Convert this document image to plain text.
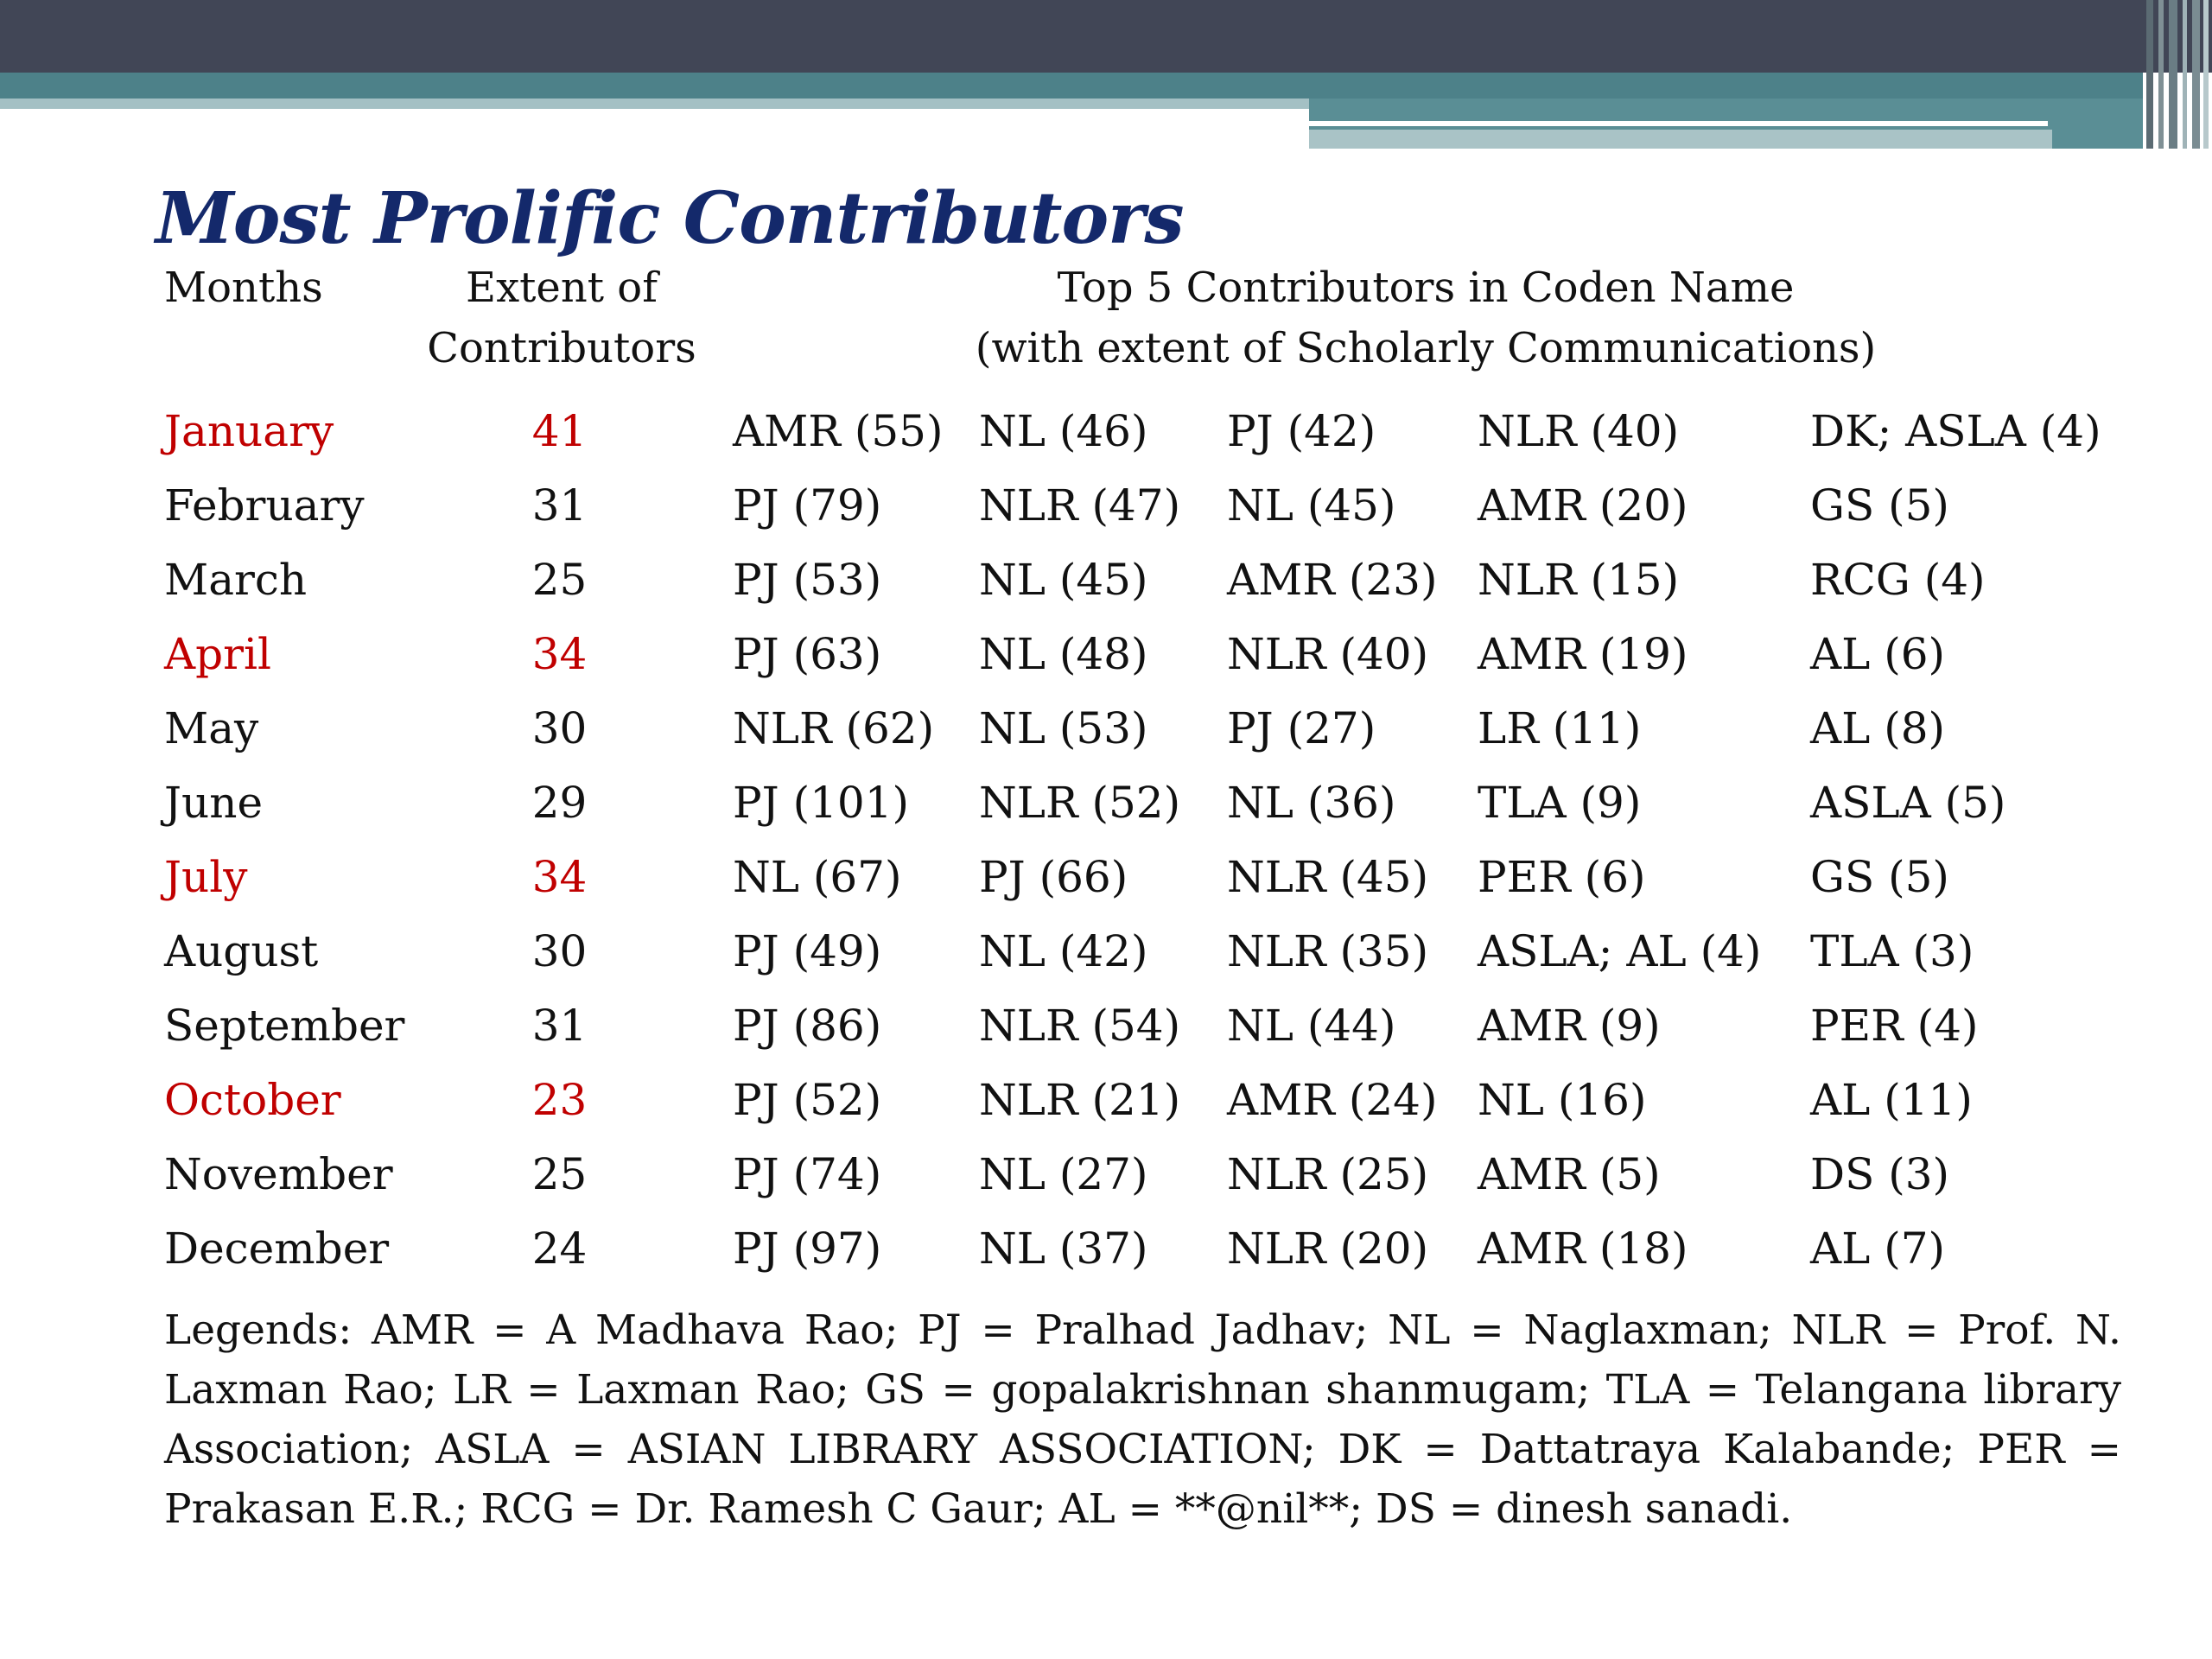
Most Prolific Contributors
Months	Extent of
Contributors
Top 5 Contributors in Coden Name
(with extent of Scholarly Communications)
January	41	AMR (55) NL (46) PJ (42) NLR (40)	DK; ASLA (4)
February	31	PJ (79) NLR (47) NL (45) AMR (20)	GS (5)
March	25	PJ (53) NL (45) AMR (23) NLR (15)	RCG (4)
April	34	PJ (63) NL (48) NLR (40) AMR (19)	AL (6)
May	30	NLR (62) NL (53) PJ (27) LR (11)	AL (8)
June	29	PJ (101) NLR (52) NL (36) TLA (9)	ASLA (5)
July	34	NL (67) PJ (66) NLR (45) PER (6)	GS (5)
August	30	PJ (49) NL (42) NLR (35) ASLA; AL (4) TLA (3)
September	31	PJ (86) NLR (54) NL (44) AMR (9)	PER (4)
October	23	PJ (52) NLR (21) AMR (24) NL (16)	AL (11)
November	25	PJ (74) NL (27) NLR (25) AMR (5)	DS (3)
December	24	PJ (97) NL (37) NLR (20) AMR (18)	AL (7)
Legends: AMR = A Madhava Rao; PJ = Pralhad Jadhav; NL = Naglaxman; NLR = Prof. N. Laxman Rao; LR = Laxman Rao; GS = gopalakrishnan shanmugam; TLA = Telangana library Association; ASLA = ASIAN LIBRARY ASSOCIATION; DK = Dattatraya Kalabande; PER = Prakasan E.R.; RCG = Dr. Ramesh C Gaur; AL = **@nil**; DS = dinesh sanadi.
